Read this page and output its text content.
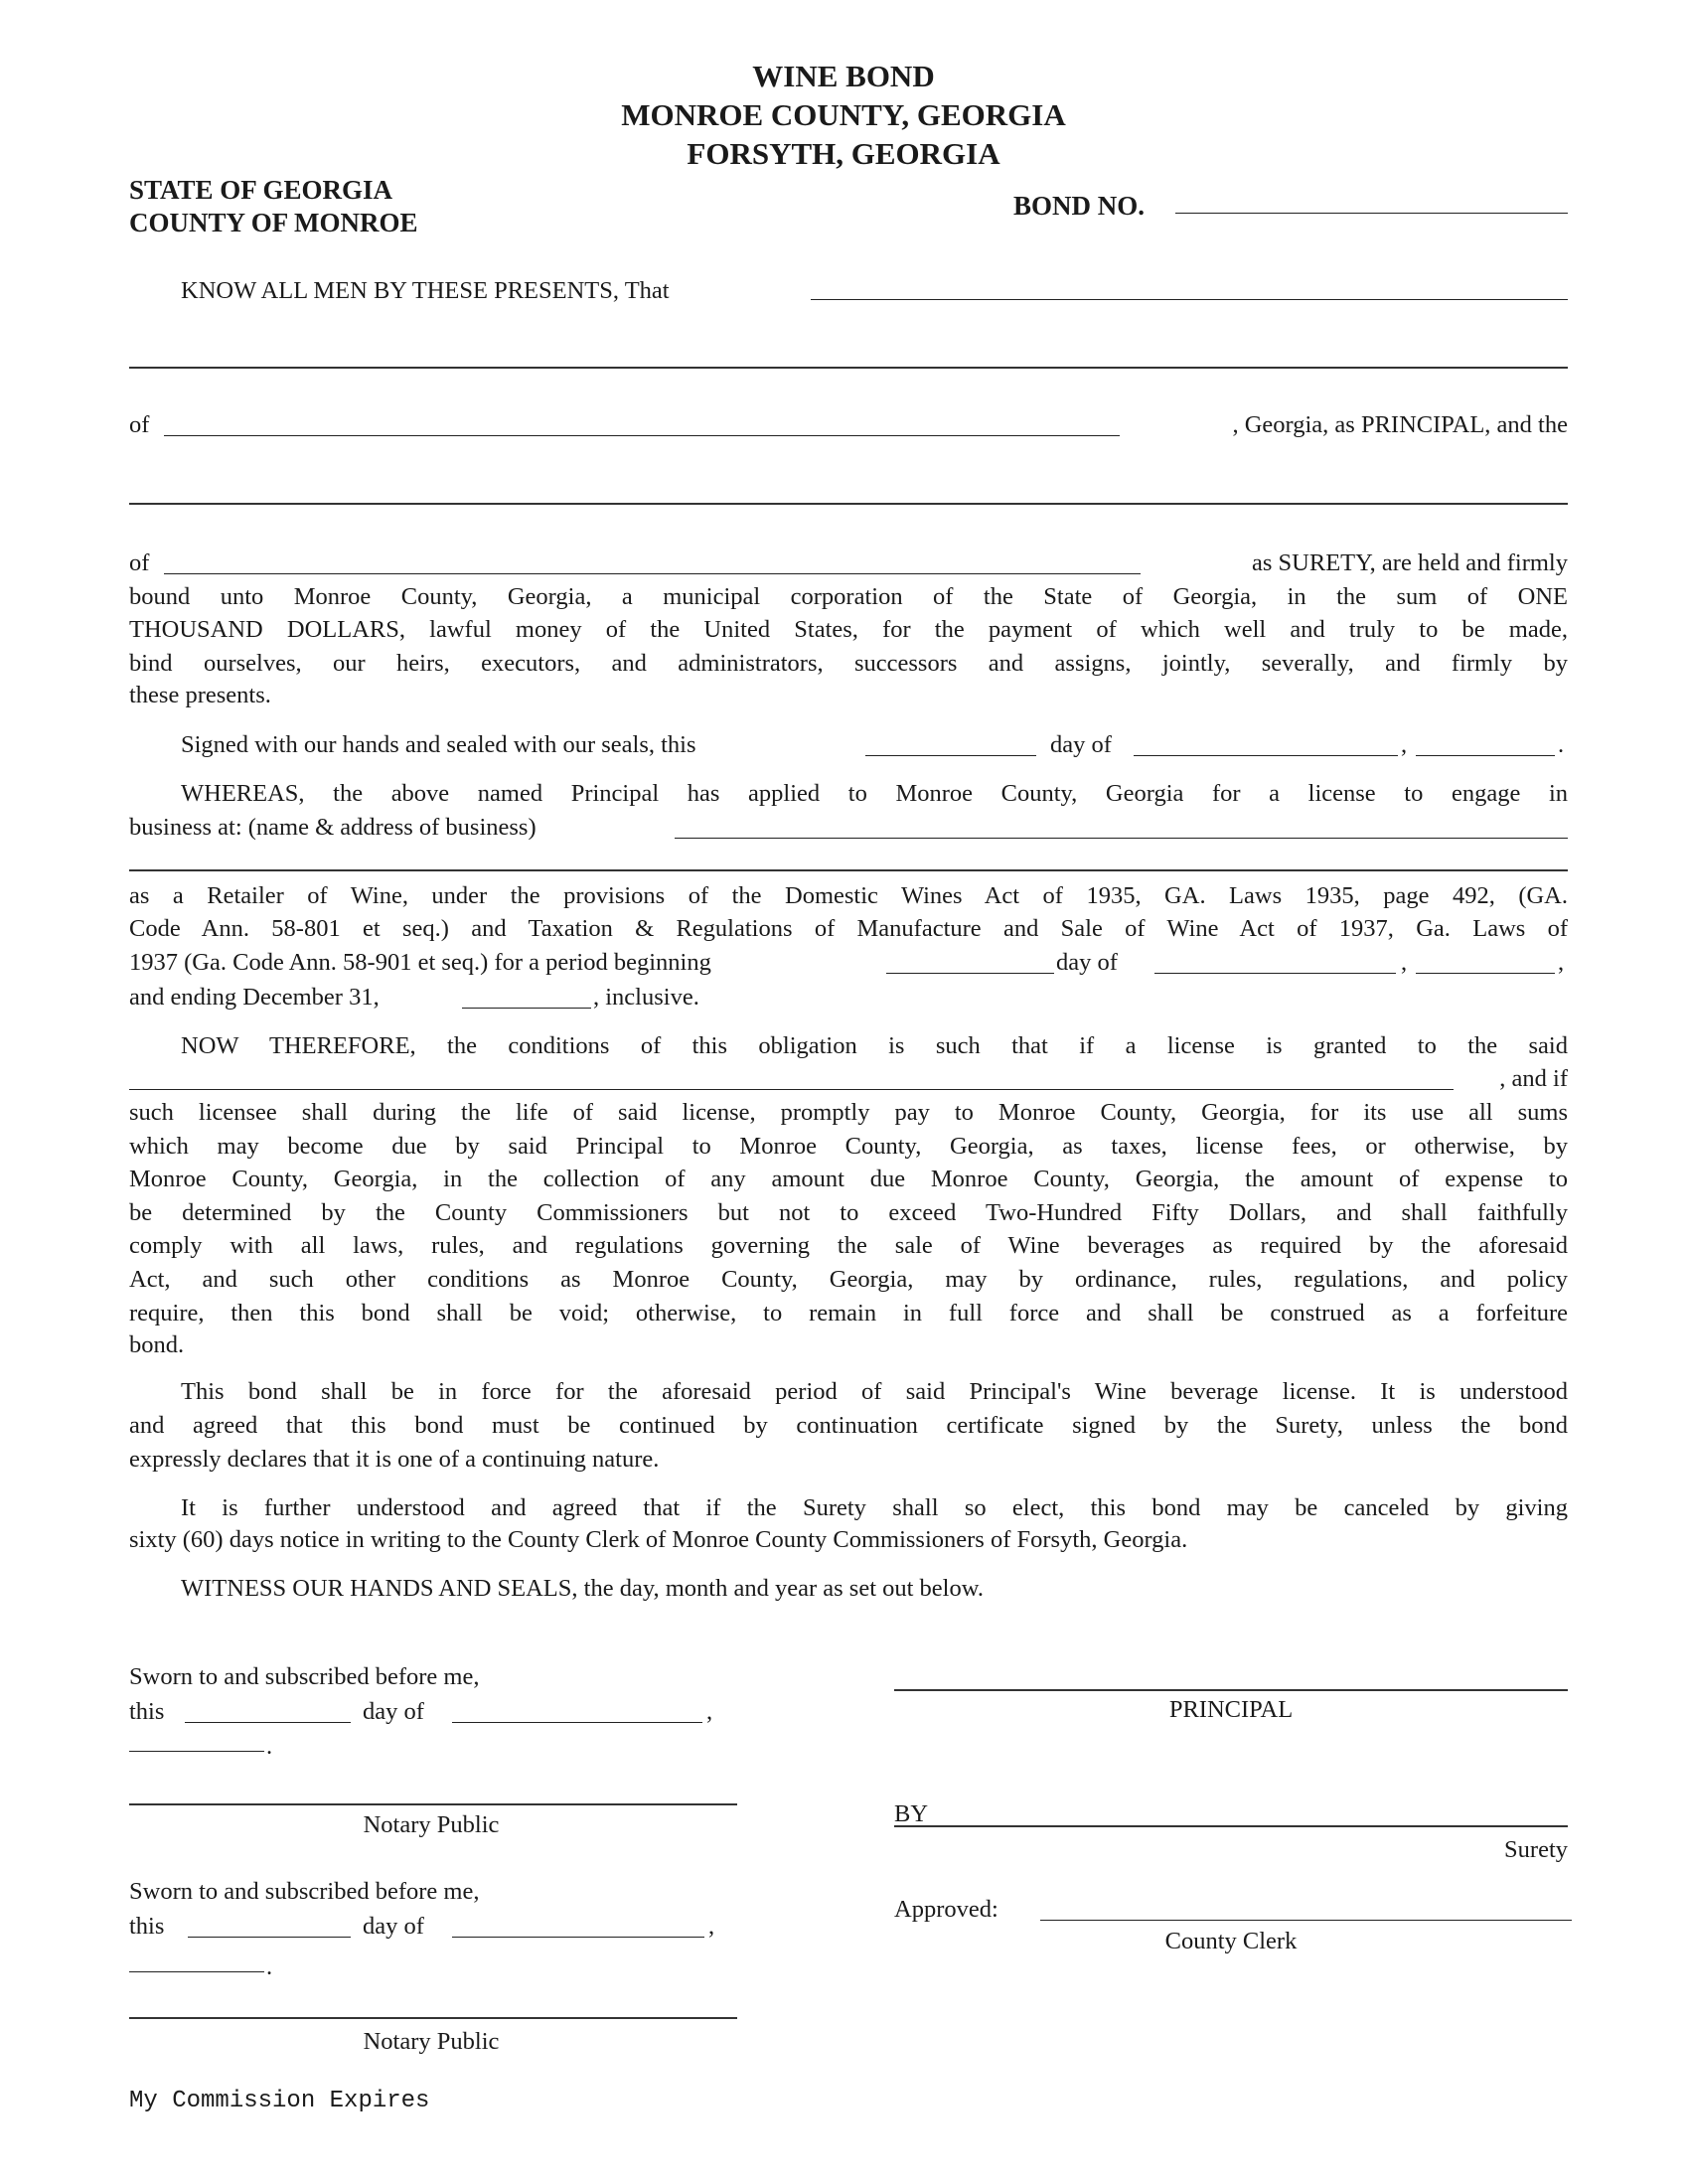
WINE BOND
MONROE COUNTY, GEORGIA
FORSYTH, GEORGIA
STATE OF GEORGIA
COUNTY OF MONROE
BOND NO.
KNOW ALL MEN BY THESE PRESENTS, That
of	, Georgia, as PRINCIPAL, and the
of	as SURETY, are held and firmly
bound unto Monroe County, Georgia, a municipal corporation of the State of Georgia, in the sum of ONE
THOUSAND DOLLARS, lawful money of the United States, for the payment of which well and truly to be made,
bind ourselves, our heirs, executors, and administrators, successors and assigns, jointly, severally, and firmly by
these presents.
Signed with our hands and sealed with our seals, this	day of	,	.
WHEREAS, the above named Principal has applied to Monroe County, Georgia for a license to engage in
business at: (name & address of business)
as a Retailer of Wine, under the provisions of the Domestic Wines Act of 1935, GA. Laws 1935, page 492, (GA.
Code Ann. 58-801 et seq.) and Taxation & Regulations of Manufacture and Sale of Wine Act of 1937, Ga. Laws of
1937 (Ga. Code Ann. 58-901 et seq.) for a period beginning	day of	,	,
and ending December 31,	, inclusive.
NOW THEREFORE, the conditions of this obligation is such that if a license is granted to the said
, and if
such licensee shall during the life of said license, promptly pay to Monroe County, Georgia, for its use all sums
which may become due by said Principal to Monroe County, Georgia, as taxes, license fees, or otherwise, by
Monroe County, Georgia, in the collection of any amount due Monroe County, Georgia, the amount of expense to
be determined by the County Commissioners but not to exceed Two-Hundred Fifty Dollars, and shall faithfully
comply with all laws, rules, and regulations governing the sale of Wine beverages as required by the aforesaid
Act, and such other conditions as Monroe County, Georgia, may by ordinance, rules, regulations, and policy
require, then this bond shall be void; otherwise, to remain in full force and shall be construed as a forfeiture
bond.
This bond shall be in force for the aforesaid period of said Principal's Wine beverage license. It is understood
and agreed that this bond must be continued by continuation certificate signed by the Surety, unless the bond
expressly declares that it is one of a continuing nature.
It is further understood and agreed that if the Surety shall so elect, this bond may be canceled by giving
sixty (60) days notice in writing to the County Clerk of Monroe County Commissioners of Forsyth, Georgia.
WITNESS OUR HANDS AND SEALS, the day, month and year as set out below.
Sworn to and subscribed before me,
this	day of	,
.
Notary Public
Sworn to and subscribed before me,
this	day of	,
.
Notary Public
My Commission Expires
PRINCIPAL
BY
Surety
Approved:
County Clerk
